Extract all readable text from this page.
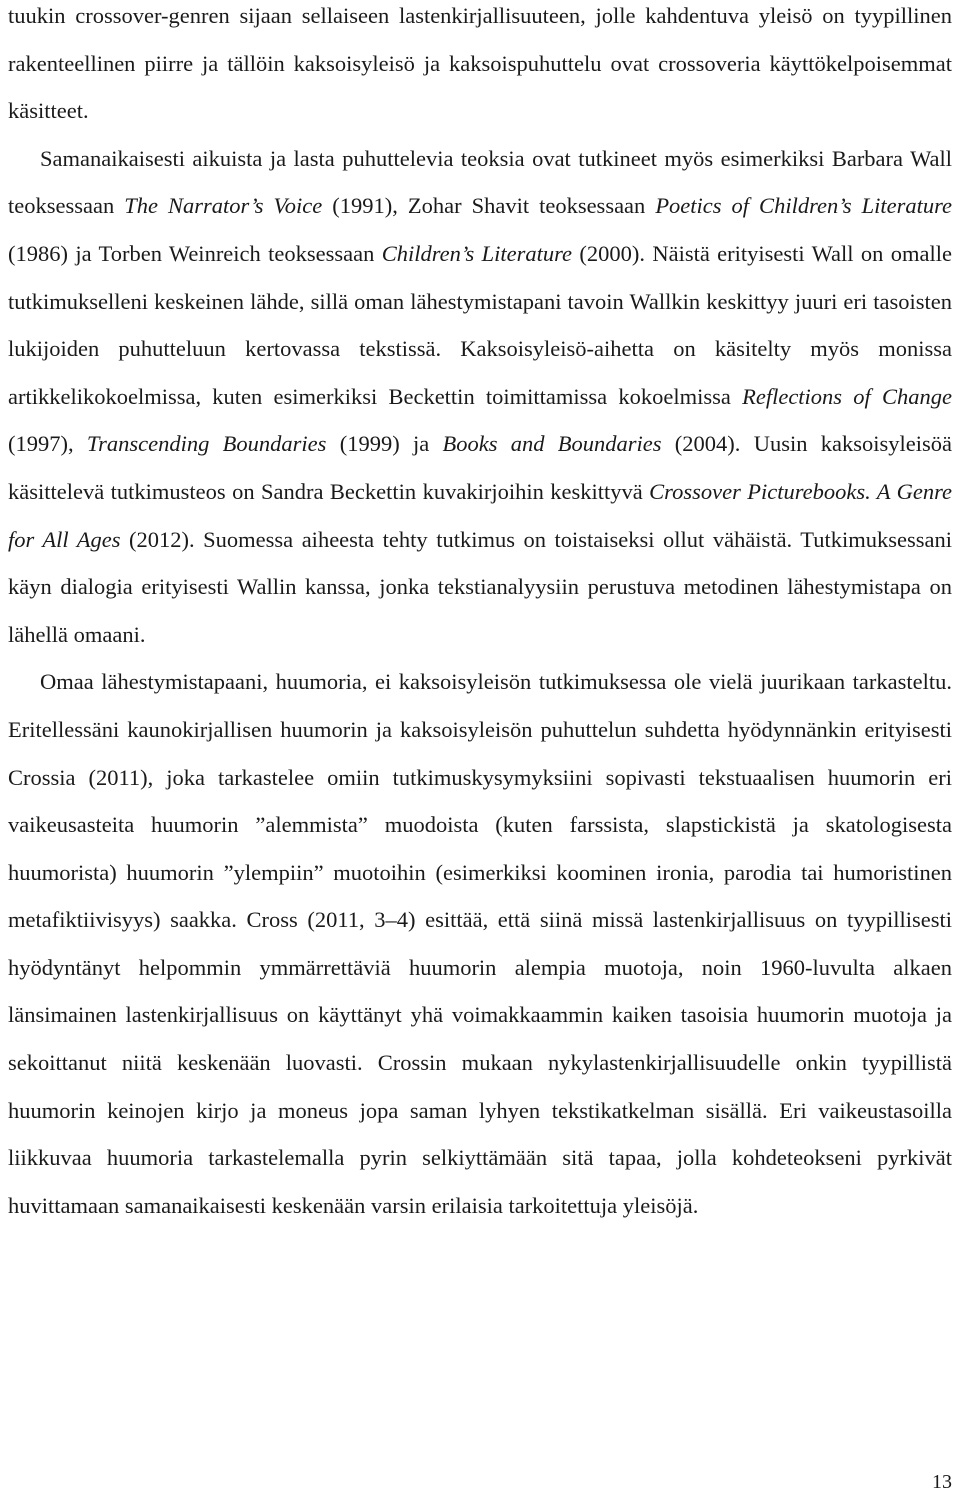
tuukin crossover-genren sijaan sellaiseen lastenkirjallisuuteen, jolle kahdentuva yleisö on tyypillinen rakenteellinen piirre ja tällöin kaksoisyleisö ja kaksoispuhuttelu ovat crossoveria käyttökelpoisemmat käsitteet.

Samanaikaisesti aikuista ja lasta puhuttelevia teoksia ovat tutkineet myös esimerkiksi Barbara Wall teoksessaan The Narrator’s Voice (1991), Zohar Shavit teoksessaan Poetics of Children’s Literature (1986) ja Torben Weinreich teoksessaan Children’s Literature (2000). Näistä erityisesti Wall on omalle tutkimukselleni keskeinen lähde, sillä oman lähestymistapani tavoin Wallkin keskittyy juuri eri tasoisten lukijoiden puhutteluun kertovassa tekstissä. Kaksoisyleisö-aihetta on käsitelty myös monissa artikkelikokoelmissa, kuten esimerkiksi Beckettin toimittamissa kokoelmissa Reflections of Change (1997), Transcending Boundaries (1999) ja Books and Boundaries (2004). Uusin kaksoisyleisöä käsittelevä tutkimusteos on Sandra Beckettin kuvakirjoihin keskittyvä Crossover Picturebooks. A Genre for All Ages (2012). Suomessa aiheesta tehty tutkimus on toistaiseksi ollut vähäistä. Tutkimuksessani käyn dialogia erityisesti Wallin kanssa, jonka tekstianalyysiin perustuva metodinen lähestymistapa on lähellä omaani.

Omaa lähestymistapaani, huumoria, ei kaksoisyleisön tutkimuksessa ole vielä juurikaan tarkasteltu. Eritellessäni kaunokirjallisen huumorin ja kaksoisyleisön puhuttelun suhdetta hyödynnänkin erityisesti Crossia (2011), joka tarkastelee omiin tutkimuskysymyksiini sopivasti tekstuaalisen huumorin eri vaikeusasteita huumorin ”alemmista” muodoista (kuten farssista, slapstickistä ja skatologisesta huumorista) huumorin ”ylempiin” muotoihin (esimerkiksi koominen ironia, parodia tai humoristinen metafiktiivisyys) saakka. Cross (2011, 3–4) esittää, että siinä missä lastenkirjallisuus on tyypillisesti hyödyntänyt helpommin ymmärrettäviä huumorin alempia muotoja, noin 1960-luvulta alkaen länsimainen lastenkirjallisuus on käyttänyt yhä voimakkaammin kaiken tasoisia huumorin muotoja ja sekoittanut niitä keskenään luovasti. Crossin mukaan nykylastenkirjallisuudelle onkin tyypillistä huumorin keinojen kirjo ja moneus jopa saman lyhyen tekstikatkelman sisällä. Eri vaikeustasoilla liikkuvaa huumoria tarkastelemalla pyrin selkiyttämään sitä tapaa, jolla kohdeteokseni pyrkivät huvittamaan samanaikaisesti keskenään varsin erilaisia tarkoitettuja yleisöjä.

13
